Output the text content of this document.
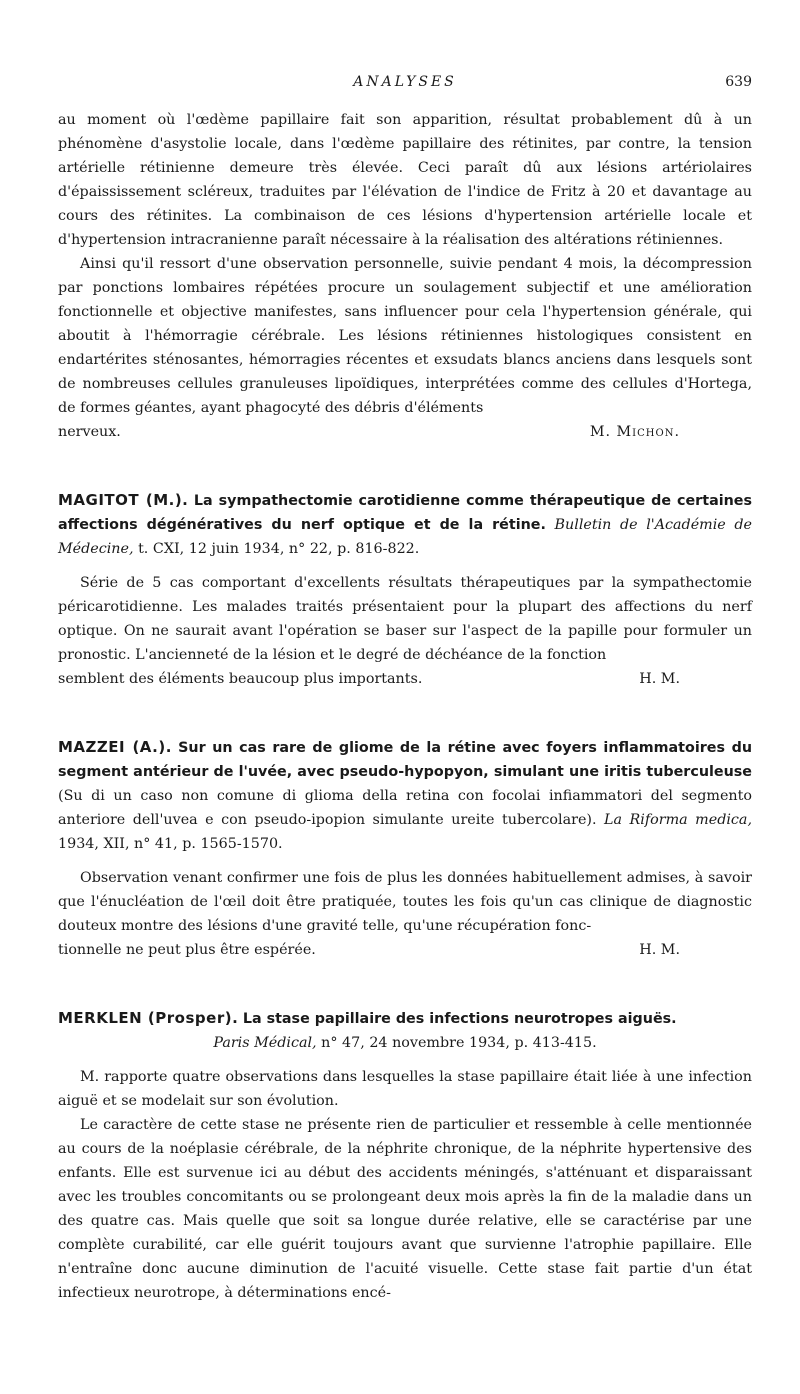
ANALYSES	639

au moment où l'œdème papillaire fait son apparition, résultat probablement dû à un phénomène d'asystolie locale, dans l'œdème papillaire des rétinites, par contre, la tension artérielle rétinienne demeure très élevée. Ceci paraît dû aux lésions artériolaires d'épaississement scléreux, traduites par l'élévation de l'indice de Fritz à 20 et davantage au cours des rétinites. La combinaison de ces lésions d'hypertension artérielle locale et d'hypertension intracranienne paraît nécessaire à la réalisation des altérations rétiniennes.

Ainsi qu'il ressort d'une observation personnelle, suivie pendant 4 mois, la décompression par ponctions lombaires répétées procure un soulagement subjectif et une amélioration fonctionnelle et objective manifestes, sans influencer pour cela l'hypertension générale, qui aboutit à l'hémorragie cérébrale. Les lésions rétiniennes histologiques consistent en endartérites sténosantes, hémorragies récentes et exsudats blancs anciens dans lesquels sont de nombreuses cellules granuleuses lipoïdiques, interprétées comme des cellules d'Hortega, de formes géantes, ayant phagocyté des débris d'éléments

nerveux.	M. Michon.

MAGITOT (M.). La sympathectomie carotidienne comme thérapeutique de certaines affections dégénératives du nerf optique et de la rétine. Bulletin de l'Académie de Médecine, t. CXI, 12 juin 1934, n° 22, p. 816-822.

Série de 5 cas comportant d'excellents résultats thérapeutiques par la sympathectomie péricarotidienne. Les malades traités présentaient pour la plupart des affections du nerf optique. On ne saurait avant l'opération se baser sur l'aspect de la papille pour formuler un pronostic. L'ancienneté de la lésion et le degré de déchéance de la fonction

semblent des éléments beaucoup plus importants.	H. M.

MAZZEI (A.). Sur un cas rare de gliome de la rétine avec foyers inflammatoires du segment antérieur de l'uvée, avec pseudo-hypopyon, simulant une iritis tuberculeuse (Su di un caso non comune di glioma della retina con focolai infiammatori del segmento anteriore dell'uvea e con pseudo-ipopion simulante ureite tubercolare). La Riforma medica, 1934, XII, n° 41, p. 1565-1570.

Observation venant confirmer une fois de plus les données habituellement admises, à savoir que l'énucléation de l'œil doit être pratiquée, toutes les fois qu'un cas clinique de diagnostic douteux montre des lésions d'une gravité telle, qu'une récupération fonc-

tionnelle ne peut plus être espérée.	H. M.

MERKLEN (Prosper). La stase papillaire des infections neurotropes aiguës.

Paris Médical, n° 47, 24 novembre 1934, p. 413-415.

M. rapporte quatre observations dans lesquelles la stase papillaire était liée à une infection aiguë et se modelait sur son évolution.

Le caractère de cette stase ne présente rien de particulier et ressemble à celle mentionnée au cours de la noéplasie cérébrale, de la néphrite chronique, de la néphrite hypertensive des enfants. Elle est survenue ici au début des accidents méningés, s'atténuant et disparaissant avec les troubles concomitants ou se prolongeant deux mois après la fin de la maladie dans un des quatre cas. Mais quelle que soit sa longue durée relative, elle se caractérise par une complète curabilité, car elle guérit toujours avant que survienne l'atrophie papillaire. Elle n'entraîne donc aucune diminution de l'acuité visuelle. Cette stase fait partie d'un état infectieux neurotrope, à déterminations encé-
